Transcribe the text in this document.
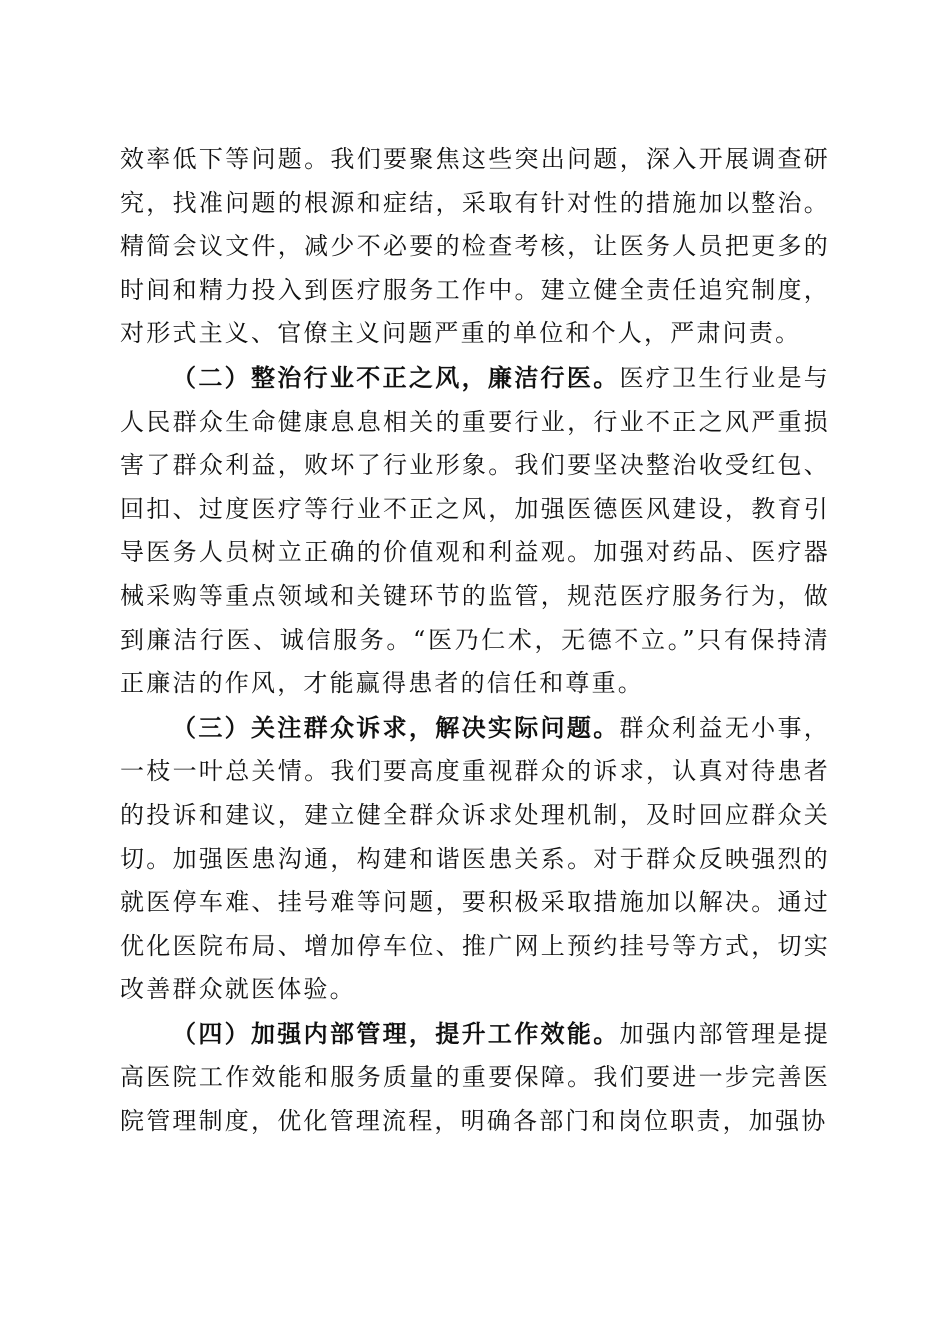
效率低下等问题。我们要聚焦这些突出问题，深入开展调查研究，找准问题的根源和症结，采取有针对性的措施加以整治。精简会议文件，减少不必要的检查考核，让医务人员把更多的时间和精力投入到医疗服务工作中。建立健全责任追究制度，对形式主义、官僚主义问题严重的单位和个人，严肃问责。

（二）整治行业不正之风，廉洁行医。医疗卫生行业是与人民群众生命健康息息相关的重要行业，行业不正之风严重损害了群众利益，败坏了行业形象。我们要坚决整治收受红包、回扣、过度医疗等行业不正之风，加强医德医风建设，教育引导医务人员树立正确的价值观和利益观。加强对药品、医疗器械采购等重点领域和关键环节的监管，规范医疗服务行为，做到廉洁行医、诚信服务。“医乃仁术，无德不立。”只有保持清正廉洁的作风，才能赢得患者的信任和尊重。

（三）关注群众诉求，解决实际问题。群众利益无小事，一枝一叶总关情。我们要高度重视群众的诉求，认真对待患者的投诉和建议，建立健全群众诉求处理机制，及时回应群众关切。加强医患沟通，构建和谐医患关系。对于群众反映强烈的就医停车难、挂号难等问题，要积极采取措施加以解决。通过优化医院布局、增加停车位、推广网上预约挂号等方式，切实改善群众就医体验。

（四）加强内部管理，提升工作效能。加强内部管理是提高医院工作效能和服务质量的重要保障。我们要进一步完善医院管理制度，优化管理流程，明确各部门和岗位职责，加强协
